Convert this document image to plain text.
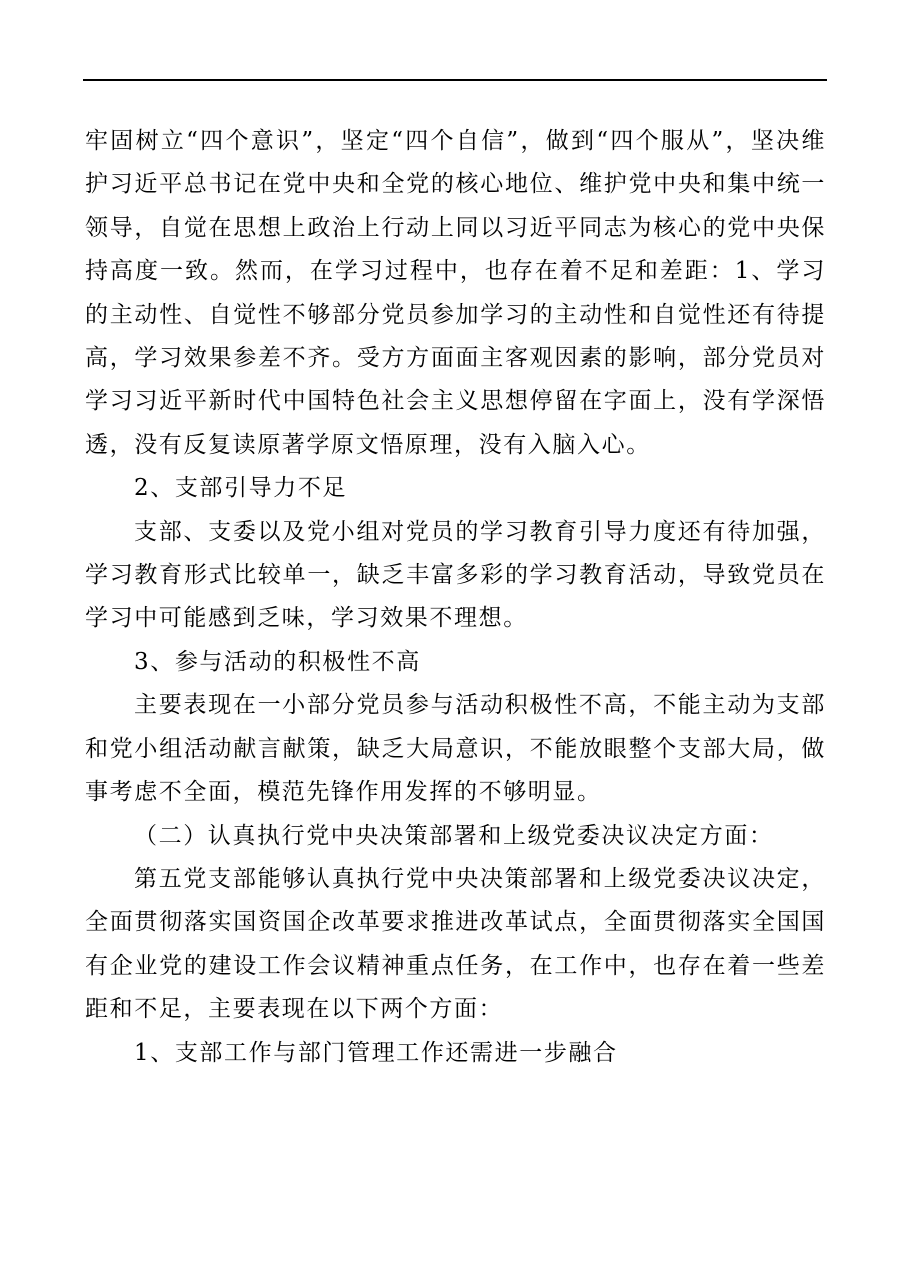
牢固树立“四个意识”，坚定“四个自信”，做到“四个服从”，坚决维护习近平总书记在党中央和全党的核心地位、维护党中央和集中统一领导，自觉在思想上政治上行动上同以习近平同志为核心的党中央保持高度一致。然而，在学习过程中，也存在着不足和差距：1、学习的主动性、自觉性不够部分党员参加学习的主动性和自觉性还有待提高，学习效果参差不齐。受方方面面主客观因素的影响，部分党员对学习习近平新时代中国特色社会主义思想停留在字面上，没有学深悟透，没有反复读原著学原文悟原理，没有入脑入心。

2、支部引导力不足

支部、支委以及党小组对党员的学习教育引导力度还有待加强，学习教育形式比较单一，缺乏丰富多彩的学习教育活动，导致党员在学习中可能感到乏味，学习效果不理想。

3、参与活动的积极性不高

主要表现在一小部分党员参与活动积极性不高，不能主动为支部和党小组活动献言献策，缺乏大局意识，不能放眼整个支部大局，做事考虑不全面，模范先锋作用发挥的不够明显。

（二）认真执行党中央决策部署和上级党委决议决定方面：

第五党支部能够认真执行党中央决策部署和上级党委决议决定，全面贯彻落实国资国企改革要求推进改革试点，全面贯彻落实全国国有企业党的建设工作会议精神重点任务，在工作中，也存在着一些差距和不足，主要表现在以下两个方面：

1、支部工作与部门管理工作还需进一步融合
